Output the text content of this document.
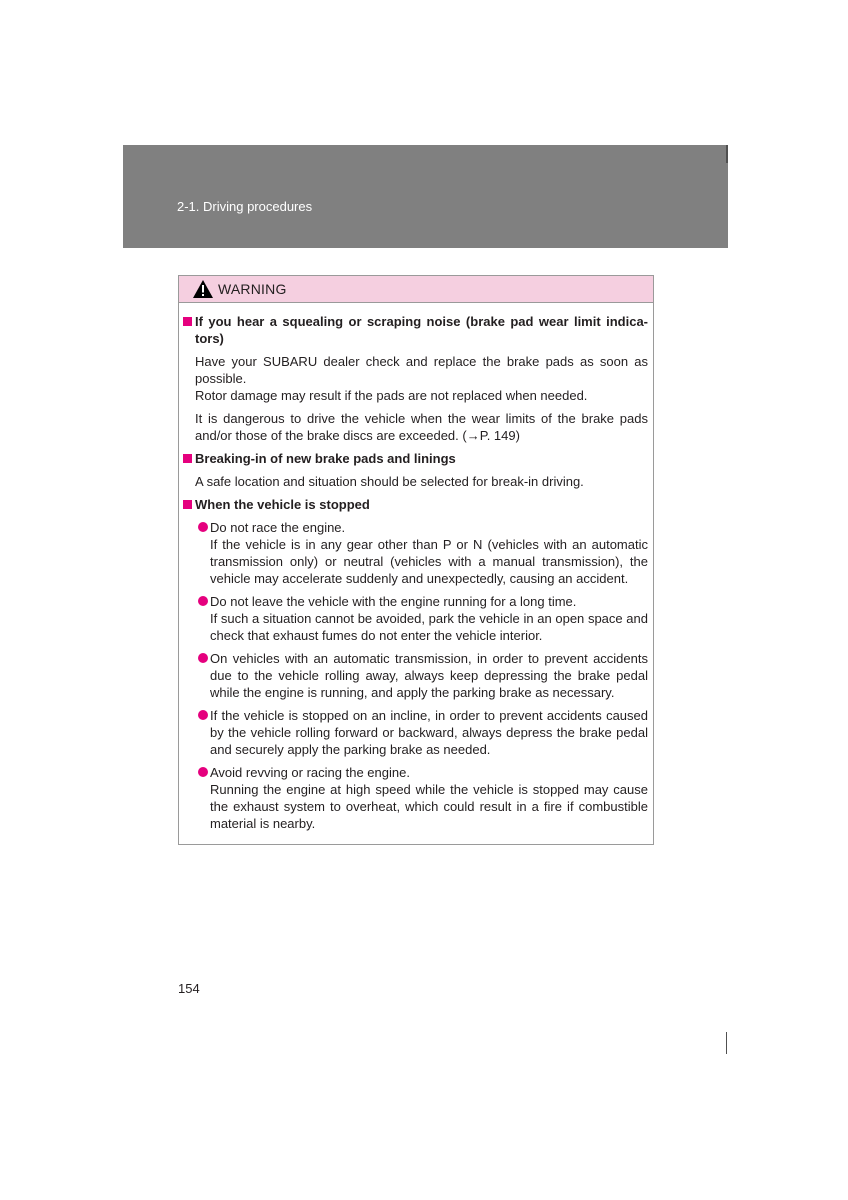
2-1. Driving procedures
WARNING
If you hear a squealing or scraping noise (brake pad wear limit indica-tors)

Have your SUBARU dealer check and replace the brake pads as soon as possible.

Rotor damage may result if the pads are not replaced when needed.

It is dangerous to drive the vehicle when the wear limits of the brake pads and/or those of the brake discs are exceeded. (→P. 149)

Breaking-in of new brake pads and linings

A safe location and situation should be selected for break-in driving.

When the vehicle is stopped
Do not race the engine.
If the vehicle is in any gear other than P or N (vehicles with an automatic transmission only) or neutral (vehicles with a manual transmission), the vehicle may accelerate suddenly and unexpectedly, causing an accident.
Do not leave the vehicle with the engine running for a long time.
If such a situation cannot be avoided, park the vehicle in an open space and check that exhaust fumes do not enter the vehicle interior.
On vehicles with an automatic transmission, in order to prevent accidents due to the vehicle rolling away, always keep depressing the brake pedal while the engine is running, and apply the parking brake as necessary.
If the vehicle is stopped on an incline, in order to prevent accidents caused by the vehicle rolling forward or backward, always depress the brake pedal and securely apply the parking brake as needed.
Avoid revving or racing the engine.
Running the engine at high speed while the vehicle is stopped may cause the exhaust system to overheat, which could result in a fire if combustible material is nearby.
154
